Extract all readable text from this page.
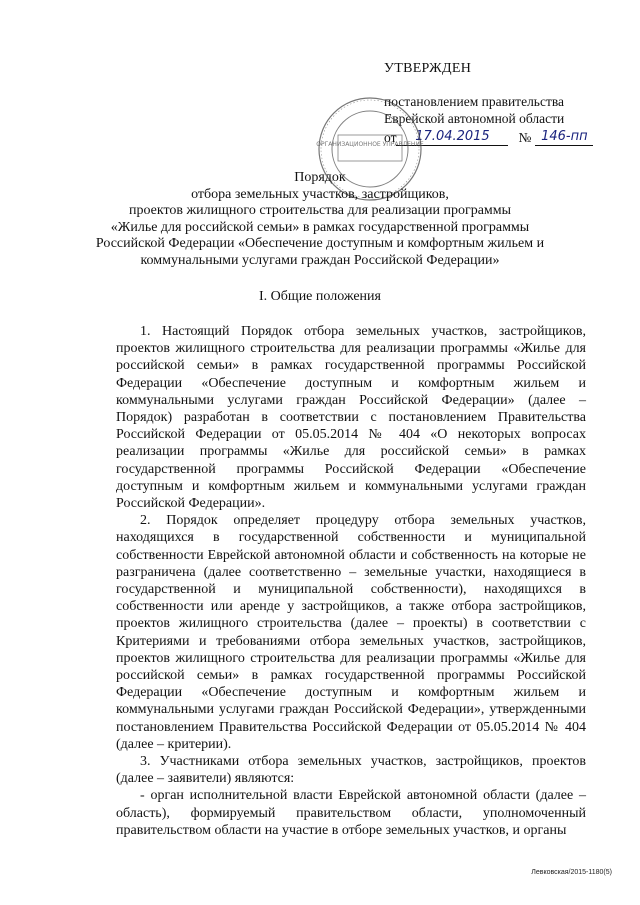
УТВЕРЖДЕН
постановлением правительства
Еврейской автономной области
от	17.04.2015	№ 146-пп
ОРГАНИЗАЦИОННОЕ УПРАВЛЕНИЕ
Порядок
отбора земельных участков, застройщиков,
проектов жилищного строительства для реализации программы
«Жилье для российской семьи» в рамках государственной программы
Российской Федерации «Обеспечение доступным и комфортным жильем и
коммунальными услугами граждан Российской Федерации»
I. Общие положения

1. Настоящий Порядок отбора земельных участков, застройщиков, проектов жилищного строительства для реализации программы «Жилье для российской семьи» в рамках государственной программы Российской Федерации «Обеспечение доступным и комфортным жильем и коммунальными услугами граждан Российской Федерации» (далее – Порядок) разработан в соответствии с постановлением Правительства Российской Федерации от 05.05.2014 № 404 «О некоторых вопросах реализации программы «Жилье для российской семьи» в рамках государственной программы Российской Федерации «Обеспечение доступным и комфортным жильем и коммунальными услугами граждан Российской Федерации».

2. Порядок определяет процедуру отбора земельных участков, находящихся в государственной собственности и муниципальной собственности Еврейской автономной области и собственность на которые не разграничена (далее соответственно – земельные участки, находящиеся в государственной и муниципальной собственности), находящихся в собственности или аренде у застройщиков, а также отбора застройщиков, проектов жилищного строительства (далее – проекты) в соответствии с Критериями и требованиями отбора земельных участков, застройщиков, проектов жилищного строительства для реализации программы «Жилье для российской семьи» в рамках государственной программы Российской Федерации «Обеспечение доступным и комфортным жильем и коммунальными услугами граждан Российской Федерации», утвержденными постановлением Правительства Российской Федерации от 05.05.2014 № 404 (далее – критерии).

3. Участниками отбора земельных участков, застройщиков, проектов (далее – заявители) являются:

- орган исполнительной власти Еврейской автономной области (далее – область), формируемый правительством области, уполномоченный правительством области на участие в отборе земельных участков, и органы

Левковская/2015-1180(5)
